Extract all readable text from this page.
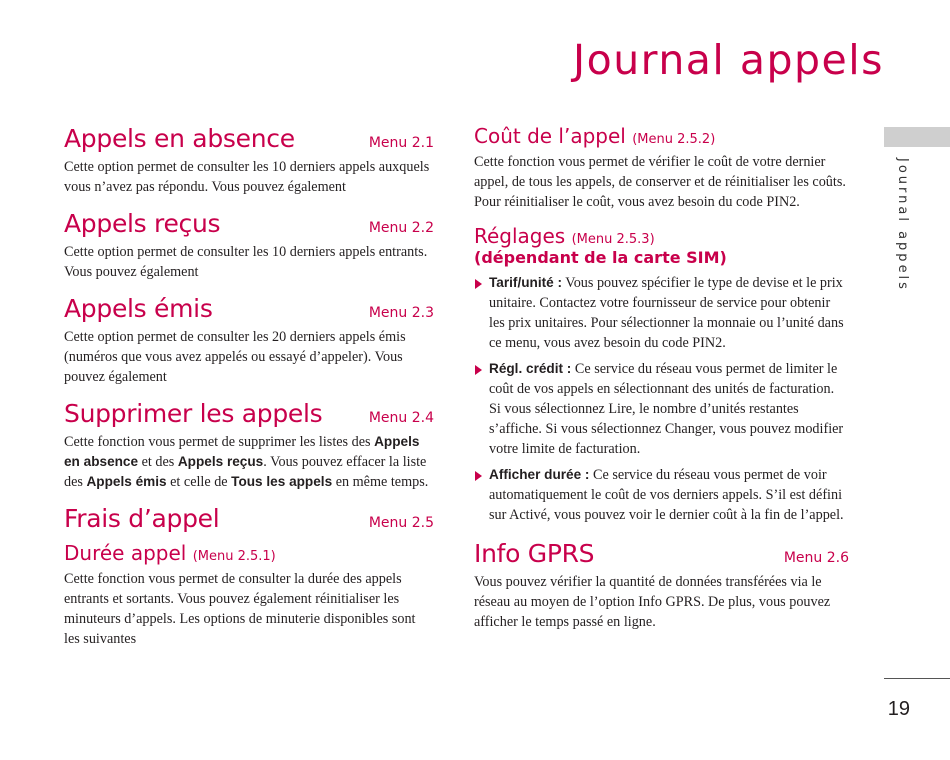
Journal appels
Journal appels
19
Appels en absence	Menu 2.1

Cette option permet de consulter les 10 derniers appels auxquels vous n’avez pas répondu. Vous pouvez également

Appels reçus	Menu 2.2

Cette option permet de consulter les 10 derniers appels entrants. Vous pouvez également

Appels émis	Menu 2.3

Cette option permet de consulter les 20 derniers appels émis (numéros que vous avez appelés ou essayé d’appeler). Vous pouvez également

Supprimer les appels	Menu 2.4

Cette fonction vous permet de supprimer les listes des Appels en absence et des Appels reçus. Vous pouvez effacer la liste des Appels émis et celle de Tous les appels en même temps.

Frais d’appel	Menu 2.5
Durée appel (Menu 2.5.1)

Cette fonction vous permet de consulter la durée des appels entrants et sortants. Vous pouvez également réinitialiser les minuteurs d’appels. Les options de minuterie disponibles sont les suivantes

Coût de l’appel (Menu 2.5.2)

Cette fonction vous permet de vérifier le coût de votre dernier appel, de tous les appels, de conserver et de réinitialiser les coûts. Pour réinitialiser le coût, vous avez besoin du code PIN2.

Réglages (Menu 2.5.3)
(dépendant de la carte SIM)

Tarif/unité : Vous pouvez spécifier le type de devise et le prix unitaire. Contactez votre fournisseur de service pour obtenir les prix unitaires. Pour sélectionner la monnaie ou l’unité dans ce menu, vous avez besoin du code PIN2.

Régl. crédit : Ce service du réseau vous permet de limiter le coût de vos appels en sélectionnant des unités de facturation. Si vous sélectionnez Lire, le nombre d’unités restantes s’affiche. Si vous sélectionnez Changer, vous pouvez modifier votre limite de facturation.

Afficher durée : Ce service du réseau vous permet de voir automatiquement le coût de vos derniers appels. S’il est défini sur Activé, vous pouvez voir le dernier coût à la fin de l’appel.

Info GPRS	Menu 2.6

Vous pouvez vérifier la quantité de données transférées via le réseau au moyen de l’option Info GPRS. De plus, vous pouvez afficher le temps passé en ligne.
